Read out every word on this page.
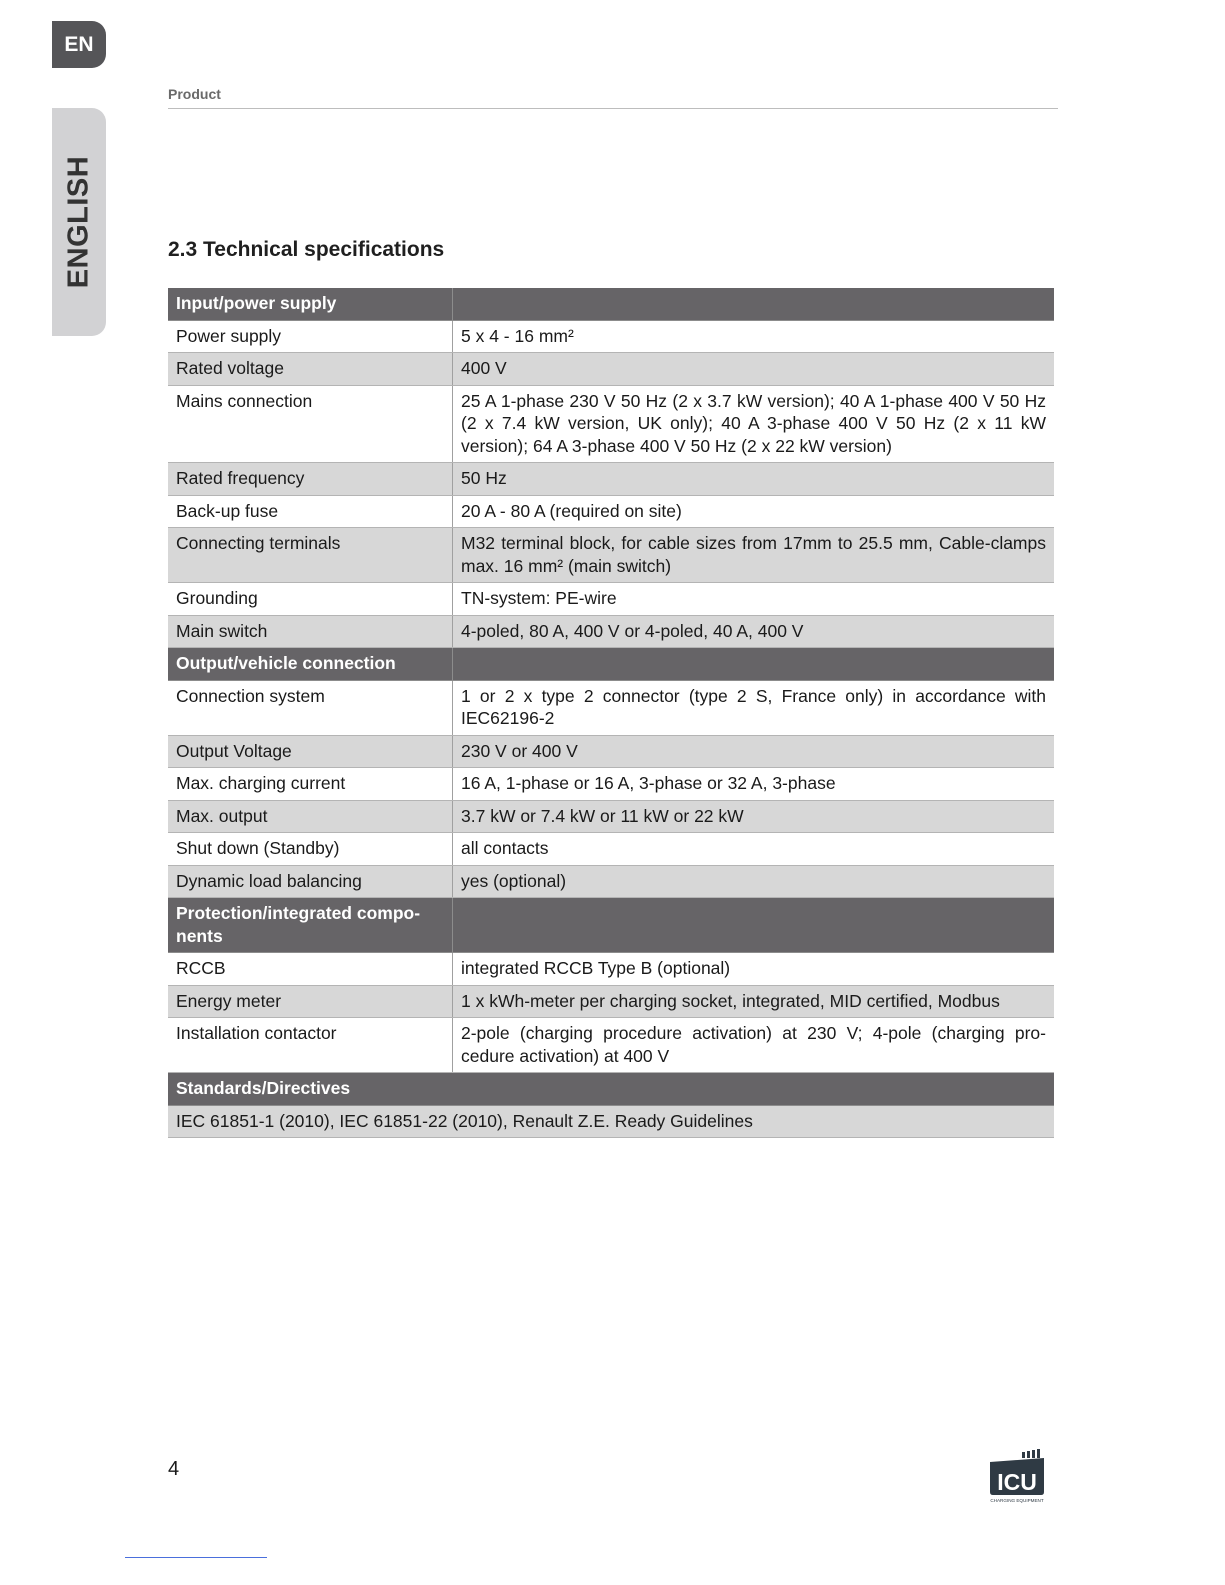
EN
ENGLISH
Product
2.3 Technical specifications
Input/power supply	
Power supply	5 x 4 - 16 mm²
Rated voltage	400 V
Mains connection	25 A 1-phase 230 V 50 Hz (2 x 3.7 kW version); 40 A 1-phase 400 V 50 Hz (2 x 7.4 kW version, UK only); 40 A 3-phase 400 V 50 Hz (2 x 11 kW version); 64 A 3-phase 400 V 50 Hz (2 x 22 kW version)
Rated frequency	50 Hz
Back-up fuse	20 A - 80 A (required on site)
Connecting terminals	M32 terminal block, for cable sizes from 17mm to 25.5 mm, Cable-clamps max. 16 mm² (main switch)
Grounding	TN-system: PE-wire
Main switch	4-poled, 80 A, 400 V or 4-poled, 40 A, 400 V
Output/vehicle connection	
Connection system	1 or 2 x type 2 connector (type 2 S, France only) in accordance with IEC62196-2
Output Voltage	230 V or 400 V
Max. charging current	16 A, 1-phase or 16 A, 3-phase or 32 A, 3-phase
Max. output	3.7 kW or 7.4 kW or 11 kW or 22 kW
Shut down (Standby)	all contacts
Dynamic load balancing	yes (optional)
Protection/integrated compo-nents	
RCCB	integrated RCCB Type B (optional)
Energy meter	1 x kWh-meter per charging socket, integrated, MID certified, Modbus
Installation contactor	2-pole (charging procedure activation) at 230 V; 4-pole (charging pro-cedure activation) at 400 V
Standards/Directives	
IEC 61851-1 (2010), IEC 61851-22 (2010), Renault Z.E. Ready Guidelines	
4	ICU
CHARGING EQUIPMENT
